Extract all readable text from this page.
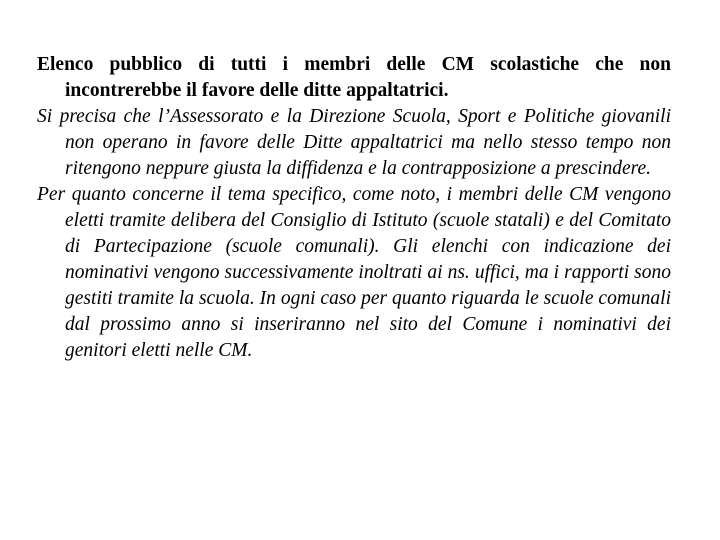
Elenco pubblico di tutti i membri delle CM scolastiche che non incontrerebbe il favore delle ditte appaltatrici.

Si precisa che l’Assessorato e la Direzione Scuola, Sport e Politiche giovanili non operano in favore delle Ditte appaltatrici ma nello stesso tempo non ritengono neppure giusta la diffidenza e la contrapposizione a prescindere.

Per quanto concerne il tema specifico, come noto, i membri delle CM vengono eletti tramite delibera del Consiglio di Istituto (scuole statali) e del Comitato di Partecipazione (scuole comunali). Gli elenchi con indicazione dei nominativi vengono successivamente inoltrati ai ns. uffici, ma i rapporti sono gestiti tramite la scuola. In ogni caso per quanto riguarda le scuole comunali dal prossimo anno si inseriranno nel sito del Comune i nominativi dei genitori eletti nelle CM.
